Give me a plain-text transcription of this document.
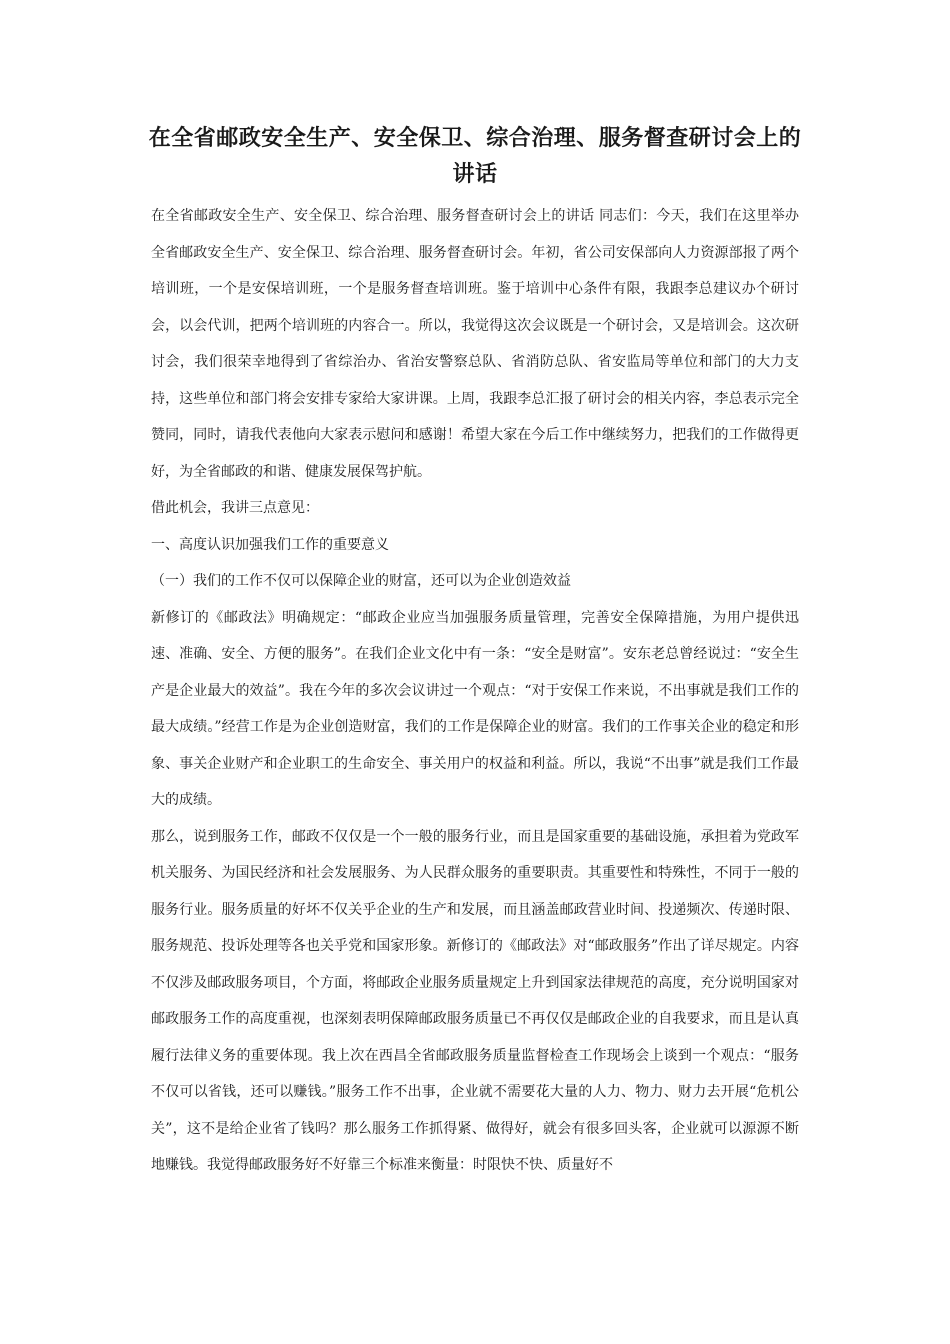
在全省邮政安全生产、安全保卫、综合治理、服务督查研讨会上的讲话

在全省邮政安全生产、安全保卫、综合治理、服务督查研讨会上的讲话 同志们：今天，我们在这里举办全省邮政安全生产、安全保卫、综合治理、服务督查研讨会。年初，省公司安保部向人力资源部报了两个培训班，一个是安保培训班，一个是服务督查培训班。鉴于培训中心条件有限，我跟李总建议办个研讨会，以会代训，把两个培训班的内容合一。所以，我觉得这次会议既是一个研讨会，又是培训会。这次研讨会，我们很荣幸地得到了省综治办、省治安警察总队、省消防总队、省安监局等单位和部门的大力支持，这些单位和部门将会安排专家给大家讲课。上周，我跟李总汇报了研讨会的相关内容，李总表示完全赞同，同时，请我代表他向大家表示慰问和感谢！希望大家在今后工作中继续努力，把我们的工作做得更好，为全省邮政的和谐、健康发展保驾护航。

借此机会，我讲三点意见：

一、高度认识加强我们工作的重要意义

（一）我们的工作不仅可以保障企业的财富，还可以为企业创造效益

新修订的《邮政法》明确规定：“邮政企业应当加强服务质量管理，完善安全保障措施，为用户提供迅速、准确、安全、方便的服务”。在我们企业文化中有一条：“安全是财富”。安东老总曾经说过：“安全生产是企业最大的效益”。我在今年的多次会议讲过一个观点：“对于安保工作来说，不出事就是我们工作的最大成绩。”经营工作是为企业创造财富，我们的工作是保障企业的财富。我们的工作事关企业的稳定和形象、事关企业财产和企业职工的生命安全、事关用户的权益和利益。所以，我说“不出事”就是我们工作最大的成绩。

那么，说到服务工作，邮政不仅仅是一个一般的服务行业，而且是国家重要的基础设施，承担着为党政军机关服务、为国民经济和社会发展服务、为人民群众服务的重要职责。其重要性和特殊性，不同于一般的服务行业。服务质量的好坏不仅关乎企业的生产和发展，而且涵盖邮政营业时间、投递频次、传递时限、服务规范、投诉处理等各也关乎党和国家形象。新修订的《邮政法》对“邮政服务”作出了详尽规定。内容不仅涉及邮政服务项目，个方面，将邮政企业服务质量规定上升到国家法律规范的高度，充分说明国家对邮政服务工作的高度重视，也深刻表明保障邮政服务质量已不再仅仅是邮政企业的自我要求，而且是认真履行法律义务的重要体现。我上次在西昌全省邮政服务质量监督检查工作现场会上谈到一个观点：“服务不仅可以省钱，还可以赚钱。”服务工作不出事，企业就不需要花大量的人力、物力、财力去开展“危机公关”，这不是给企业省了钱吗？那么服务工作抓得紧、做得好，就会有很多回头客，企业就可以源源不断地赚钱。我觉得邮政服务好不好靠三个标准来衡量：时限快不快、质量好不
